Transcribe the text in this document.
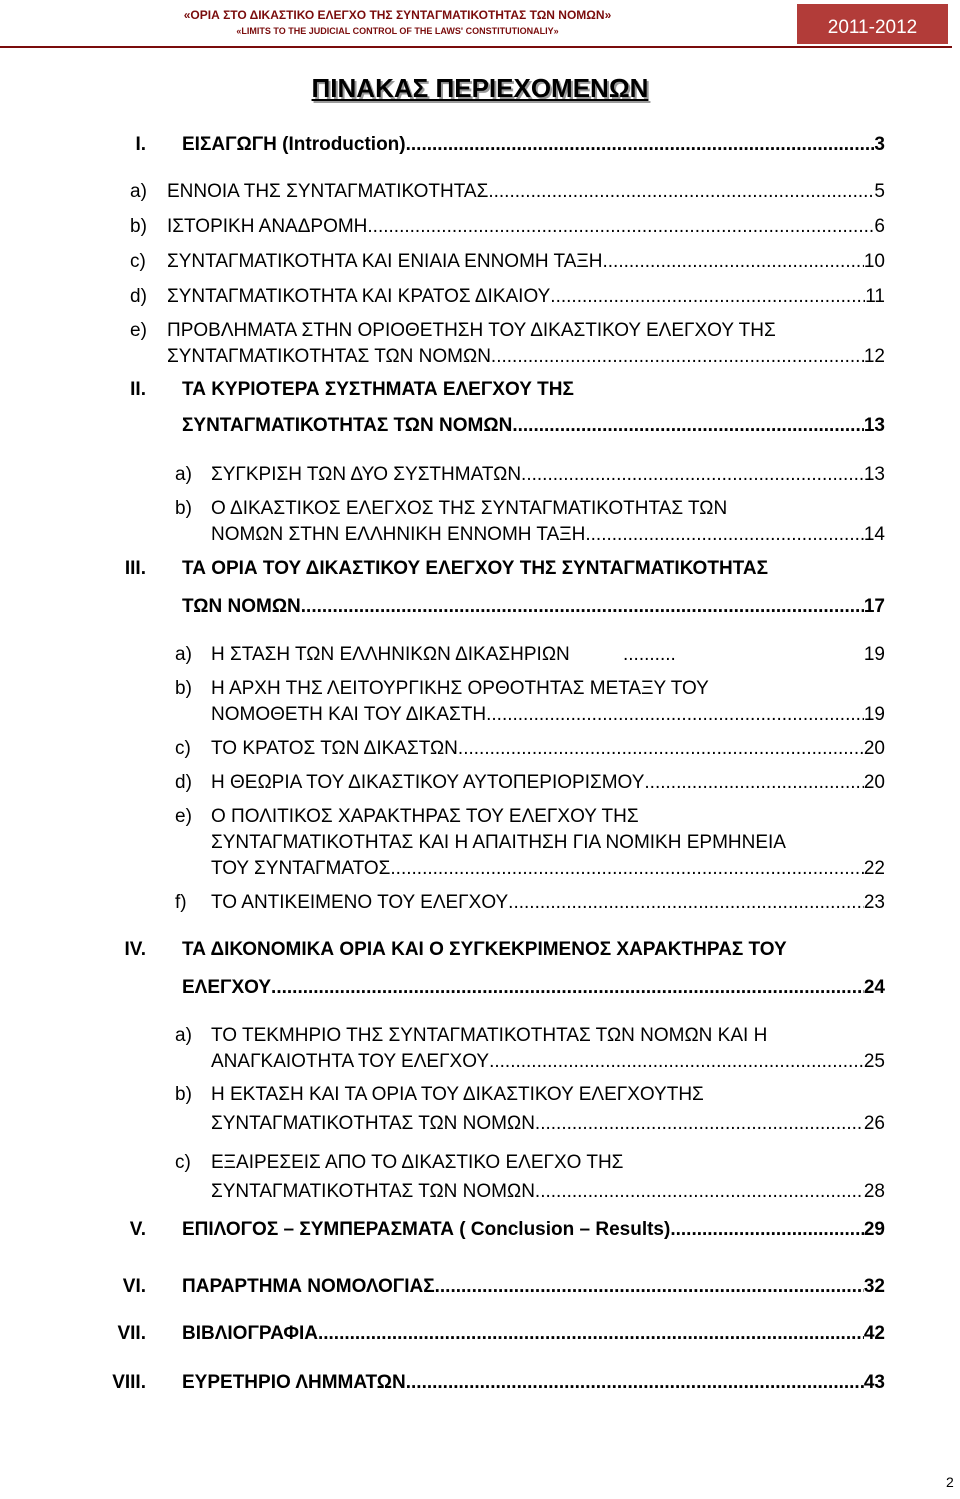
«ΟΡΙΑ ΣΤΟ ΔΙΚΑΣΤΙΚΟ ΕΛΕΓΧΟ ΤΗΣ ΣΥΝΤΑΓΜΑΤΙΚΟΤΗΤΑΣ ΤΩΝ ΝΟΜΩΝ»
«LIMITS TO THE JUDICIAL CONTROL OF THE LAWS' CONSTITUTIONALIY»	2011-2012
ΠΙΝΑΚΑΣ ΠΕΡΙΕΧΟΜΕΝΩΝ
I. ΕΙΣΑΓΩΓΗ (Introduction) .....	3
a) ΕΝΝΟΙΑ ΤΗΣ ΣΥΝΤΑΓΜΑΤΙΚΟΤΗΤΑΣ .....	5
b) ΙΣΤΟΡΙΚΗ ΑΝΑΔΡΟΜΗ .....	6
c) ΣΥΝΤΑΓΜΑΤΙΚΟΤΗΤΑ ΚΑΙ ΕΝΙΑΙΑ ΕΝΝΟΜΗ ΤΑΞΗ .....	10
d) ΣΥΝΤΑΓΜΑΤΙΚΟΤΗΤΑ ΚΑΙ ΚΡΑΤΟΣ ΔΙΚΑΙΟΥ .....	11
e) ΠΡΟΒΛΗΜΑΤΑ ΣΤΗΝ ΟΡΙΟΘΕΤΗΣΗ ΤΟΥ ΔΙΚΑΣΤΙΚΟΥ ΕΛΕΓΧΟΥ ΤΗΣ
ΣΥΝΤΑΓΜΑΤΙΚΟΤΗΤΑΣ ΤΩΝ ΝΟΜΩΝ .....	12
II. ΤΑ ΚΥΡΙΟΤΕΡΑ ΣΥΣΤΗΜΑΤΑ ΕΛΕΓΧΟΥ ΤΗΣ
ΣΥΝΤΑΓΜΑΤΙΚΟΤΗΤΑΣ ΤΩΝ ΝΟΜΩΝ .....	13
a) ΣΥΓΚΡΙΣΗ ΤΩΝ ΔΥΟ ΣΥΣΤΗΜΑΤΩΝ .....	13
b) Ο ΔΙΚΑΣΤΙΚΟΣ ΕΛΕΓΧΟΣ ΤΗΣ ΣΥΝΤΑΓΜΑΤΙΚΟΤΗΤΑΣ ΤΩΝ
ΝΟΜΩΝ ΣΤΗΝ ΕΛΛΗΝΙΚΗ ΕΝΝΟΜΗ ΤΑΞΗ .....	14
III. ΤΑ ΟΡΙΑ ΤΟΥ ΔΙΚΑΣΤΙΚΟΥ ΕΛΕΓΧΟΥ ΤΗΣ ΣΥΝΤΑΓΜΑΤΙΚΟΤΗΤΑΣ
ΤΩΝ ΝΟΜΩΝ .....	17
a) Η ΣΤΑΣΗ ΤΩΝ ΕΛΛΗΝΙΚΩΝ ΔΙΚΑΣΗΡΙΩΝ	..........	19
b) Η ΑΡΧΗ ΤΗΣ ΛΕΙΤΟΥΡΓΙΚΗΣ ΟΡΘΟΤΗΤΑΣ ΜΕΤΑΞΥ ΤΟΥ
ΝΟΜΟΘΕΤΗ ΚΑΙ ΤΟΥ ΔΙΚΑΣΤΗ .....	19
c) ΤΟ ΚΡΑΤΟΣ ΤΩΝ ΔΙΚΑΣΤΩΝ .....	20
d) Η ΘΕΩΡΙΑ ΤΟΥ ΔΙΚΑΣΤΙΚΟΥ ΑΥΤΟΠΕΡΙΟΡΙΣΜΟΥ .....	20
e) Ο ΠΟΛΙΤΙΚΟΣ ΧΑΡΑΚΤΗΡΑΣ ΤΟΥ ΕΛΕΓΧΟΥ ΤΗΣ
ΣΥΝΤΑΓΜΑΤΙΚΟΤΗΤΑΣ ΚΑΙ Η ΑΠΑΙΤΗΣΗ ΓΙΑ ΝΟΜΙΚΗ ΕΡΜΗΝΕΙΑ
ΤΟΥ ΣΥΝΤΑΓΜΑΤΟΣ .....	22
f) ΤΟ ΑΝΤΙΚΕΙΜΕΝΟ ΤΟΥ ΕΛΕΓΧΟΥ .....	23
IV. ΤΑ ΔΙΚΟΝΟΜΙΚΑ ΟΡΙΑ ΚΑΙ Ο ΣΥΓΚΕΚΡΙΜΕΝΟΣ ΧΑΡΑΚΤΗΡΑΣ ΤΟΥ
ΕΛΕΓΧΟΥ .....	24
a) ΤΟ ΤΕΚΜΗΡΙΟ ΤΗΣ ΣΥΝΤΑΓΜΑΤΙΚΟΤΗΤΑΣ ΤΩΝ ΝΟΜΩΝ ΚΑΙ Η
ΑΝΑΓΚΑΙΟΤΗΤΑ ΤΟΥ ΕΛΕΓΧΟΥ .....	25
b) Η ΕΚΤΑΣΗ ΚΑΙ ΤΑ ΟΡΙΑ ΤΟΥ ΔΙΚΑΣΤΙΚΟΥ ΕΛΕΓΧΟΥΤΗΣ
ΣΥΝΤΑΓΜΑΤΙΚΟΤΗΤΑΣ ΤΩΝ ΝΟΜΩΝ .....	26
c) ΕΞΑΙΡΕΣΕΙΣ ΑΠΟ ΤΟ ΔΙΚΑΣΤΙΚΟ ΕΛΕΓΧΟ ΤΗΣ
ΣΥΝΤΑΓΜΑΤΙΚΟΤΗΤΑΣ ΤΩΝ ΝΟΜΩΝ .....	28
V. ΕΠΙΛΟΓΟΣ – ΣΥΜΠΕΡΑΣΜΑΤΑ ( Conclusion – Results) .....	29
VI. ΠΑΡΑΡΤΗΜΑ ΝΟΜΟΛΟΓΙΑΣ .....	32
VII. ΒΙΒΛΙΟΓΡΑΦΙΑ .....	42
VIII. ΕΥΡΕΤΗΡΙΟ ΛΗΜΜΑΤΩΝ .....	43
2
